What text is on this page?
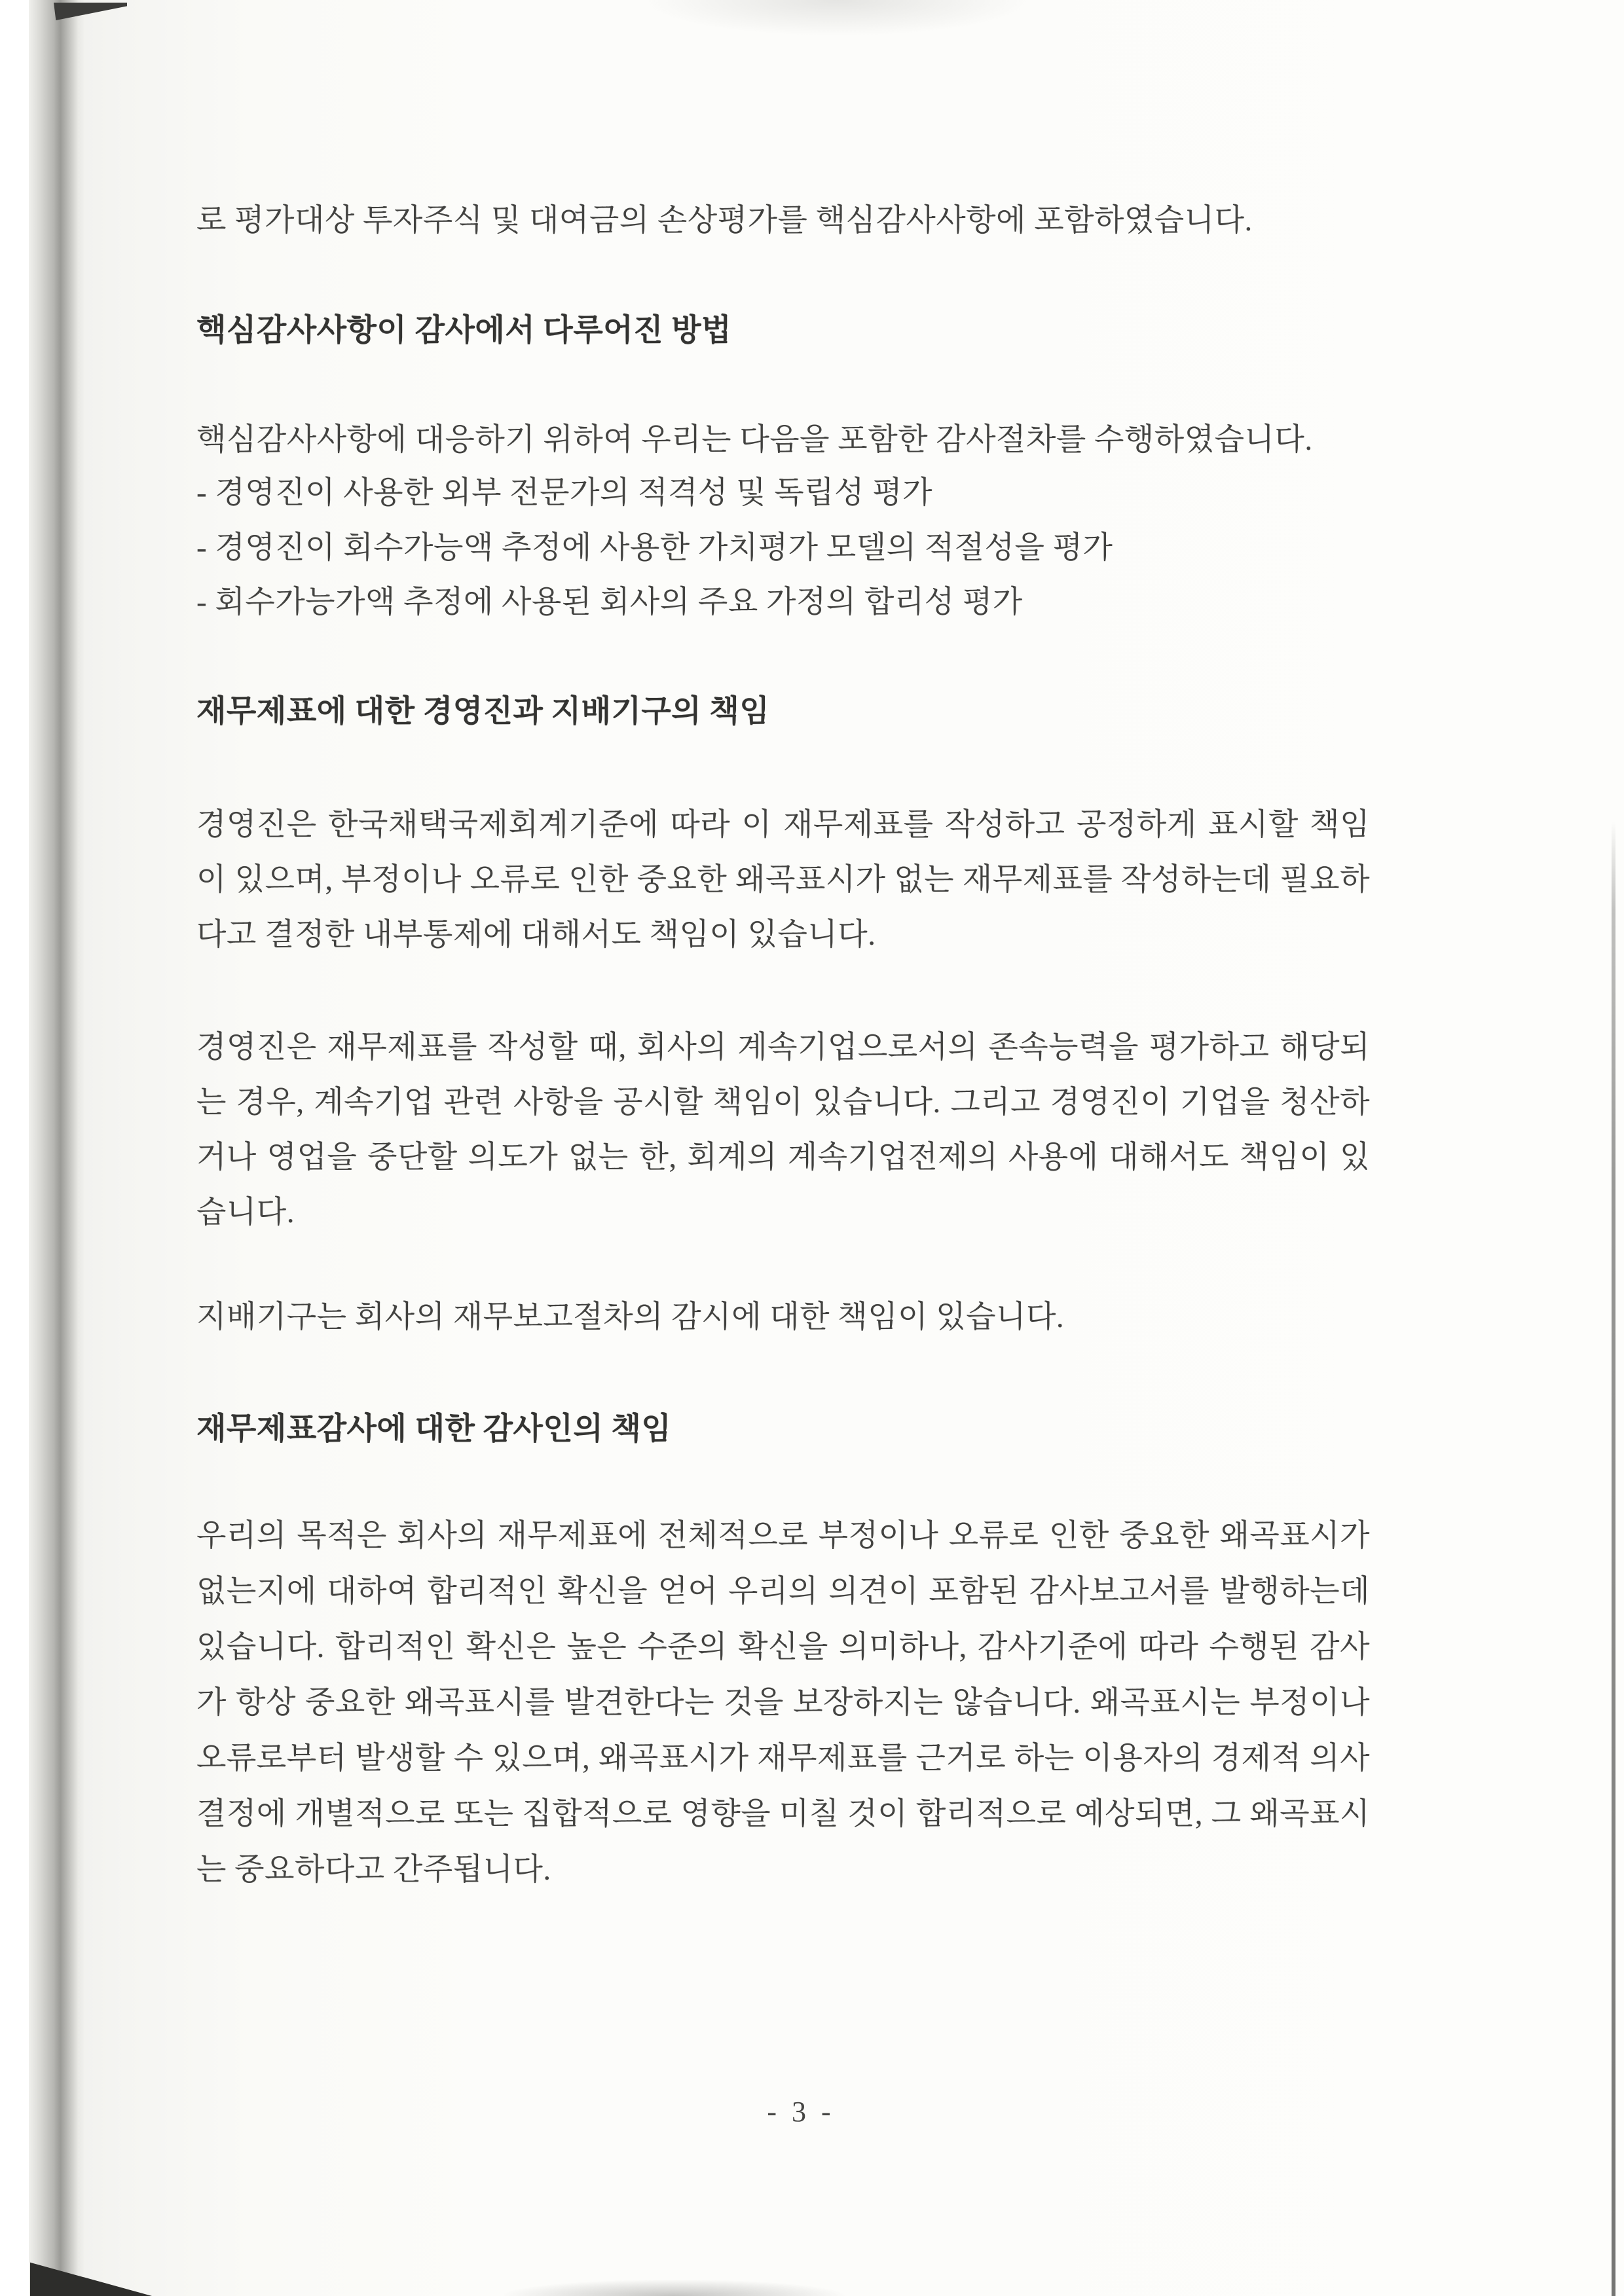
로 평가대상 투자주식 및 대여금의 손상평가를 핵심감사사항에 포함하였습니다.

핵심감사사항이 감사에서 다루어진 방법

핵심감사사항에 대응하기 위하여 우리는 다음을 포함한 감사절차를 수행하였습니다.

- 경영진이 사용한 외부 전문가의 적격성 및 독립성 평가

- 경영진이 회수가능액 추정에 사용한 가치평가 모델의 적절성을 평가

- 회수가능가액 추정에 사용된 회사의 주요 가정의 합리성 평가

재무제표에 대한 경영진과 지배기구의 책임

경영진은 한국채택국제회계기준에 따라 이 재무제표를 작성하고 공정하게 표시할 책임이 있으며, 부정이나 오류로 인한 중요한 왜곡표시가 없는 재무제표를 작성하는데 필요하다고 결정한 내부통제에 대해서도 책임이 있습니다.

경영진은 재무제표를 작성할 때, 회사의 계속기업으로서의 존속능력을 평가하고 해당되는 경우, 계속기업 관련 사항을 공시할 책임이 있습니다. 그리고 경영진이 기업을 청산하거나 영업을 중단할 의도가 없는 한, 회계의 계속기업전제의 사용에 대해서도 책임이 있습니다.

지배기구는 회사의 재무보고절차의 감시에 대한 책임이 있습니다.

재무제표감사에 대한 감사인의 책임

우리의 목적은 회사의 재무제표에 전체적으로 부정이나 오류로 인한 중요한 왜곡표시가 없는지에 대하여 합리적인 확신을 얻어 우리의 의견이 포함된 감사보고서를 발행하는데 있습니다. 합리적인 확신은 높은 수준의 확신을 의미하나, 감사기준에 따라 수행된 감사가 항상 중요한 왜곡표시를 발견한다는 것을 보장하지는 않습니다. 왜곡표시는 부정이나 오류로부터 발생할 수 있으며, 왜곡표시가 재무제표를 근거로 하는 이용자의 경제적 의사결정에 개별적으로 또는 집합적으로 영향을 미칠 것이 합리적으로 예상되면, 그 왜곡표시는 중요하다고 간주됩니다.

- 3 -
